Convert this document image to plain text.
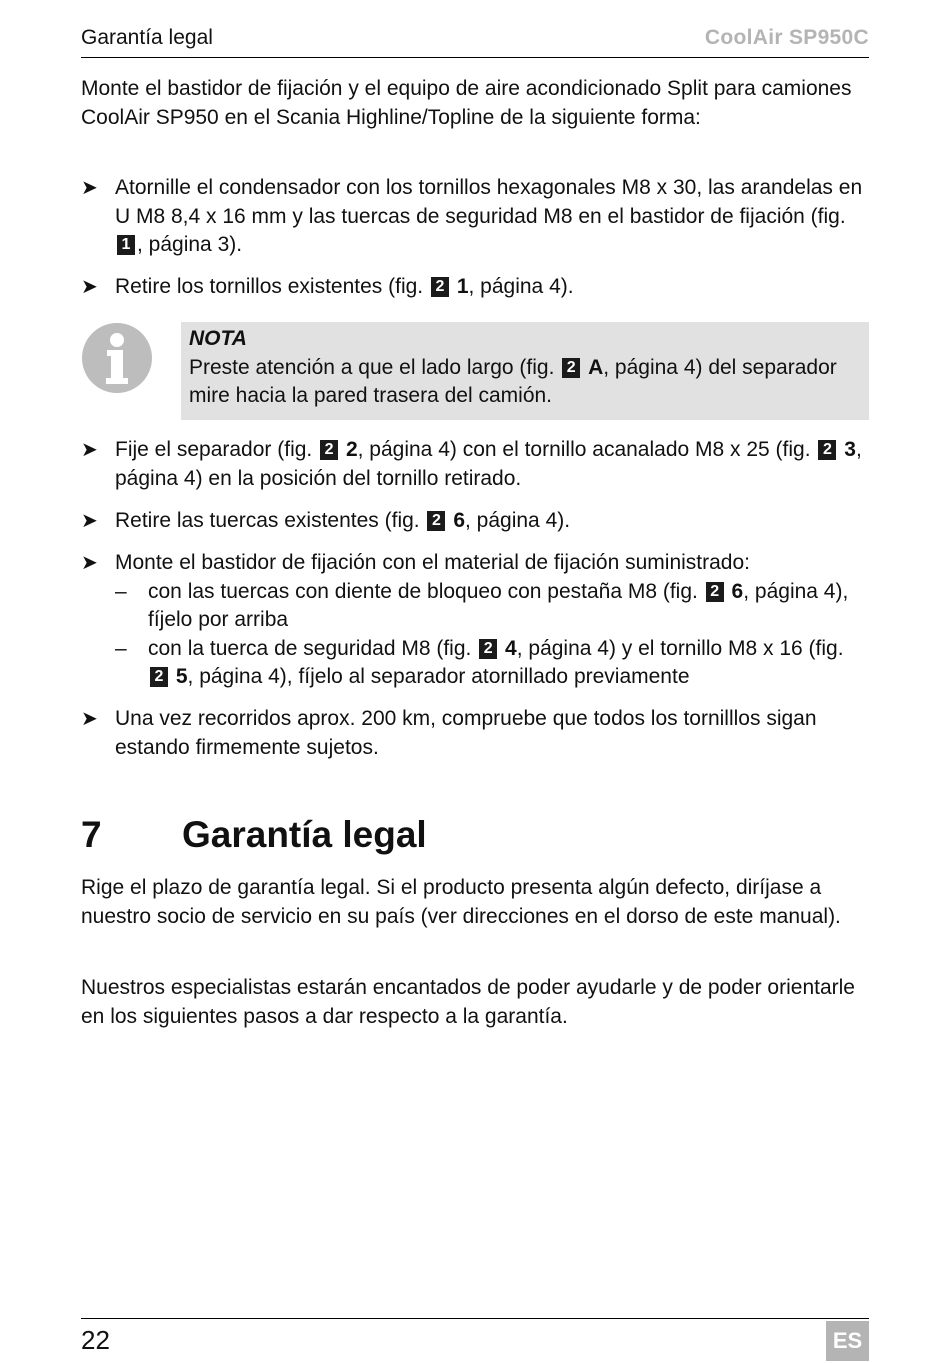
Garantía legal	CoolAir SP950C
Monte el bastidor de fijación y el equipo de aire acondicionado Split para camiones CoolAir SP950 en el Scania Highline/Topline de la siguiente forma:
➤ Atornille el condensador con los tornillos hexagonales M8 x 30, las arandelas en U M8 8,4 x 16 mm y las tuercas de seguridad M8 en el bastidor de fijación (fig. 1 , página 3).
➤ Retire los tornillos existentes (fig. 2 1, página 4).
NOTA
Preste atención a que el lado largo (fig. 2 A, página 4) del separador mire hacia la pared trasera del camión.
➤ Fije el separador (fig. 2 2, página 4) con el tornillo acanalado M8 x 25 (fig. 2 3, página 4) en la posición del tornillo retirado.
➤ Retire las tuercas existentes (fig. 2 6, página 4).
➤ Monte el bastidor de fijación con el material de fijación suministrado:
– con las tuercas con diente de bloqueo con pestaña M8 (fig. 2 6, página 4), fíjelo por arriba
– con la tuerca de seguridad M8 (fig. 2 4, página 4) y el tornillo M8 x 16 (fig. 2 5, página 4), fíjelo al separador atornillado previamente
➤ Una vez recorridos aprox. 200 km, compruebe que todos los tornilllos sigan estando firmemente sujetos.
7 Garantía legal
Rige el plazo de garantía legal. Si el producto presenta algún defecto, diríjase a nuestro socio de servicio en su país (ver direcciones en el dorso de este manual).
Nuestros especialistas estarán encantados de poder ayudarle y de poder orientarle en los siguientes pasos a dar respecto a la garantía.
22	ES
